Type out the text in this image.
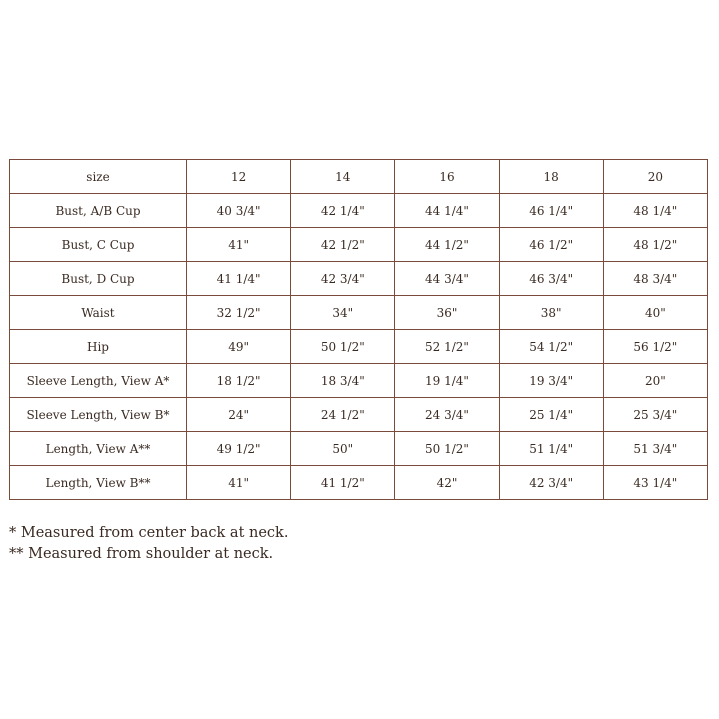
size	12	14	16	18	20
Bust, A/B Cup	40 3/4"	42 1/4"	44 1/4"	46 1/4"	48 1/4"
Bust, C Cup	41"	42 1/2"	44 1/2"	46 1/2"	48 1/2"
Bust, D Cup	41 1/4"	42 3/4"	44 3/4"	46 3/4"	48 3/4"
Waist	32 1/2"	34"	36"	38"	40"
Hip	49"	50 1/2"	52 1/2"	54 1/2"	56 1/2"
Sleeve Length, View A*	18 1/2"	18 3/4"	19 1/4"	19 3/4"	20"
Sleeve Length, View B*	24"	24 1/2"	24 3/4"	25 1/4"	25 3/4"
Length, View A**	49 1/2"	50"	50 1/2"	51 1/4"	51 3/4"
Length, View B**	41"	41 1/2"	42"	42 3/4"	43 1/4"
* Measured from center back at neck.
** Measured from shoulder at neck.
